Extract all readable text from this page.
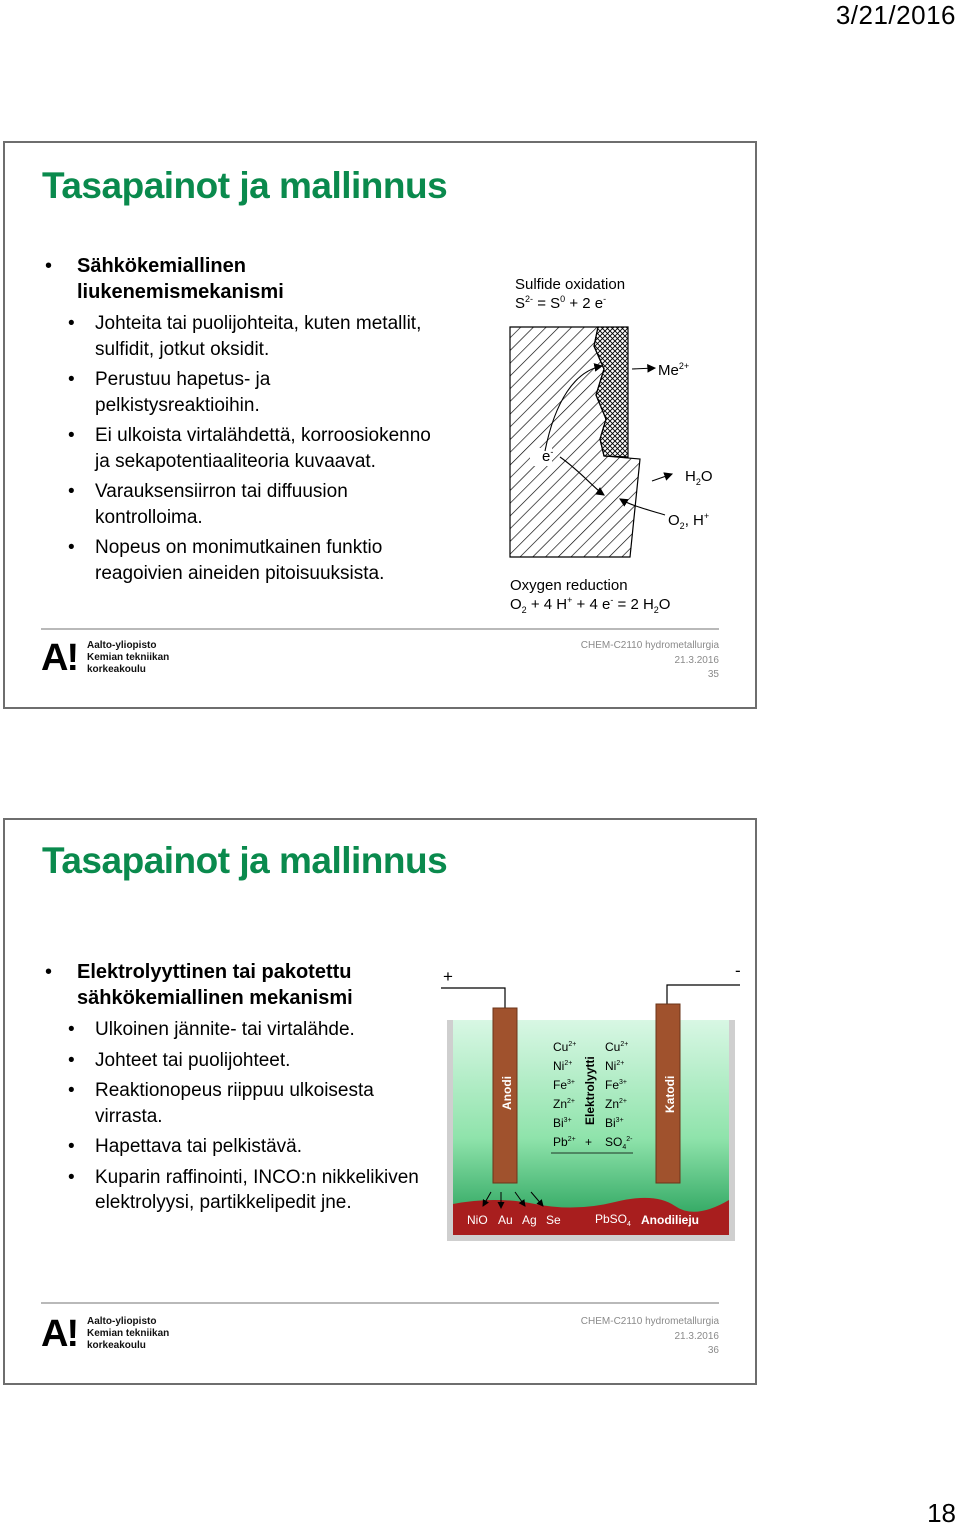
3/21/2016
Tasapainot ja mallinnus
• Sähkökemiallinen liukenemismekanismi
• Johteita tai puolijohteita, kuten metallit, sulfidit, jotkut oksidit.
• Perustuu hapetus- ja pelkistysreaktioihin.
• Ei ulkoista virtalähdettä, korroosiokenno ja sekapotentiaaliteoria kuvaavat.
• Varauksensiirron tai diffuusion kontrolloima.
• Nopeus on monimutkainen funktio reagoivien aineiden pitoisuuksista.
Sulfide oxidation
$S^{2-} = S^0 + 2$ e-
e-
$Me^{2+}$
$H_2O$
$O_2$, H+
Oxygen reduction
$O_2 + 4$ H+ + 4 e- = 2 $H_2O$
A! Aalto-yliopisto
Kemian tekniikan
korkeakoulu
CHEM-C2110 hydrometallurgia
21.3.2016
35
Tasapainot ja mallinnus
• Elektrolyyttinen tai pakotettu sähkökemiallinen mekanismi
• Ulkoinen jännite- tai virtalähde.
• Johteet tai puolijohteet.
• Reaktionopeus riippuu ulkoisesta virrasta.
• Hapettava tai pelkistävä.
• Kuparin raffinointi, INCO:n nikkelikiven elektrolyysi, partikkelipedit jne.
+	-
Anodi	Katodi
Elektrolyytti
$Cu^{2+}$
$Ni^{2+}$
$Fe^{3+}$
$Zn^{2+}$
$Bi^{3+}$
$Pb^{2+}$ +
$Cu^{2+}$
$Ni^{2+}$
$Fe^{3+}$
$Zn^{2+}$
$Bi^{3+}$
$SO_4^{2-}$
NiO Au Ag Se	PbSO$_4$ Anodilieju
A! Aalto-yliopisto
Kemian tekniikan
korkeakoulu
CHEM-C2110 hydrometallurgia
21.3.2016
36
18
